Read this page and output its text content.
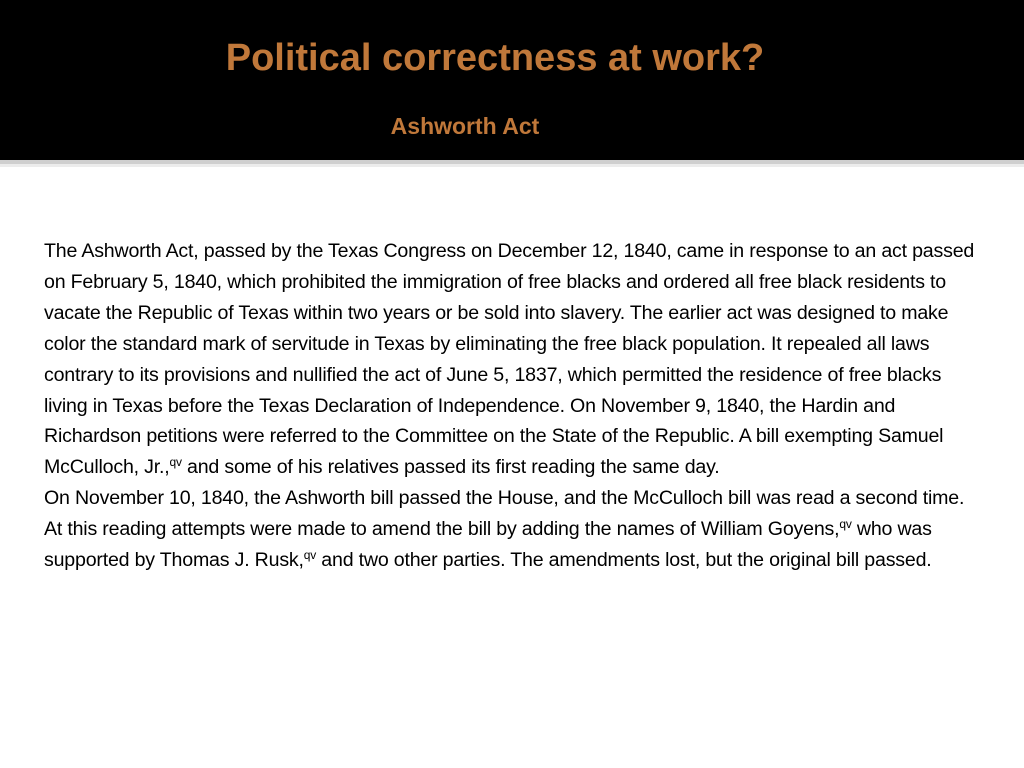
Political correctness at work?
Ashworth Act

The Ashworth Act, passed by the Texas Congress on December 12, 1840, came in response to an act passed on February 5, 1840, which prohibited the immigration of free blacks and ordered all free black residents to vacate the Republic of Texas within two years or be sold into slavery. The earlier act was designed to make color the standard mark of servitude in Texas by eliminating the free black population. It repealed all laws contrary to its provisions and nullified the act of June 5, 1837, which permitted the residence of free blacks living in Texas before the Texas Declaration of Independence. On November 9, 1840, the Hardin and Richardson petitions were referred to the Committee on the State of the Republic. A bill exempting Samuel McCulloch, Jr.,$^{qv}$ and some of his relatives passed its first reading the same day.

On November 10, 1840, the Ashworth bill passed the House, and the McCulloch bill was read a second time. At this reading attempts were made to amend the bill by adding the names of William Goyens,$^{qv}$ who was supported by Thomas J. Rusk,$^{qv}$ and two other parties. The amendments lost, but the original bill passed.
